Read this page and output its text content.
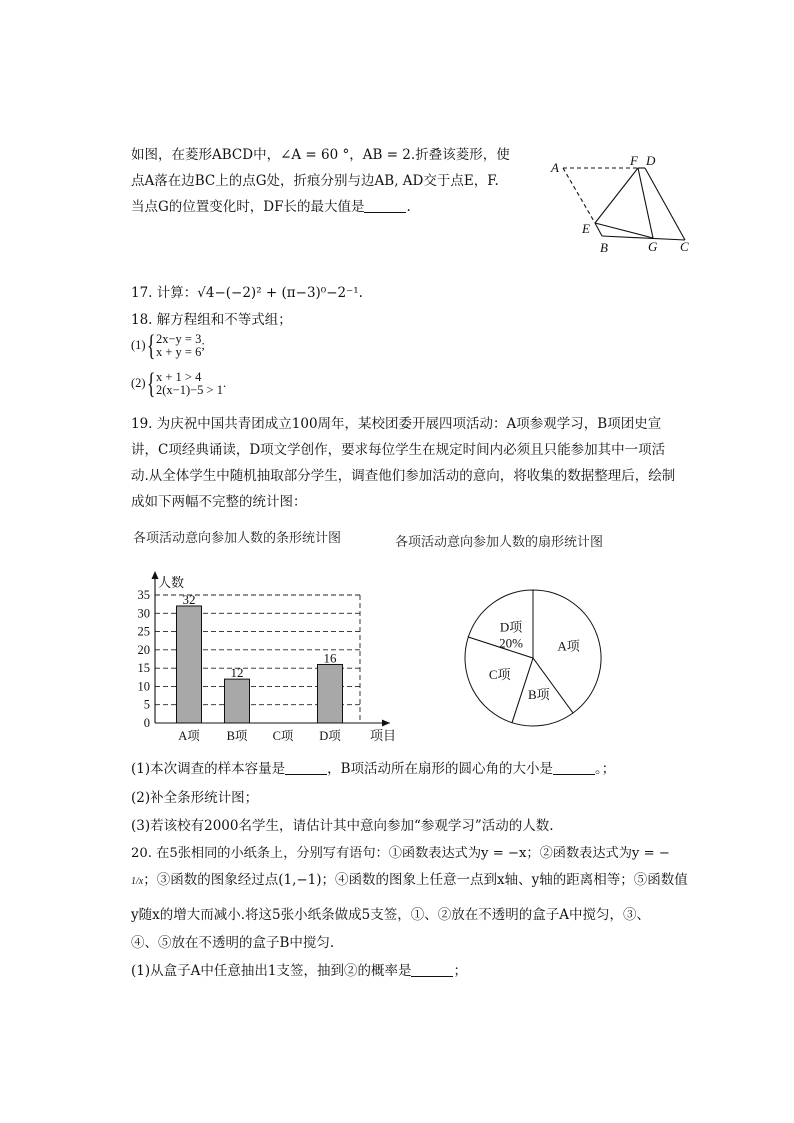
如图，在菱形ABCD中，∠A = 60 °，AB = 2.折叠该菱形，使
点A落在边BC上的点G处，折痕分别与边AB, AD交于点E，F.
当点G的位置变化时，DF长的最大值是	.
A	F D
E
B	G C
17. 计算：√4−(−2)² + (π−3)⁰−2⁻¹.
18. 解方程组和不等式组；
(1){ 2x−y = 3
x + y = 6
;
(2){ x + 1 > 4
2(x−1)−5 > 1
.
19. 为庆祝中国共青团成立100周年，某校团委开展四项活动：A项参观学习，B项团史宣
讲，C项经典诵读，D项文学创作，要求每位学生在规定时间内必须且只能参加其中一项活
动.从全体学生中随机抽取部分学生，调查他们参加活动的意向，将收集的数据整理后，绘制
成如下两幅不完整的统计图：
各项活动意向参加人数的条形统计图	各项活动意向参加人数的扇形统计图
0
5
10
15
20
25
30
35
人数
项目
32
A项
12
B项 C项
16
D项
A项
B项
C项
D项
20%
(1)本次调查的样本容量是	，B项活动所在扇形的圆心角的大小是	。；
(2)补全条形统计图；
(3)若该校有2000名学生，请估计其中意向参加“参观学习”活动的人数.
20. 在5张相同的小纸条上，分别写有语句：①函数表达式为y = −x；②函数表达式为y = −
1/x；③函数的图象经过点(1,−1)；④函数的图象上任意一点到x轴、y轴的距离相等；⑤函数值
y随x的增大而减小.将这5张小纸条做成5支签，①、②放在不透明的盒子A中搅匀，③、
④、⑤放在不透明的盒子B中搅匀.
(1)从盒子A中任意抽出1支签，抽到②的概率是	；
